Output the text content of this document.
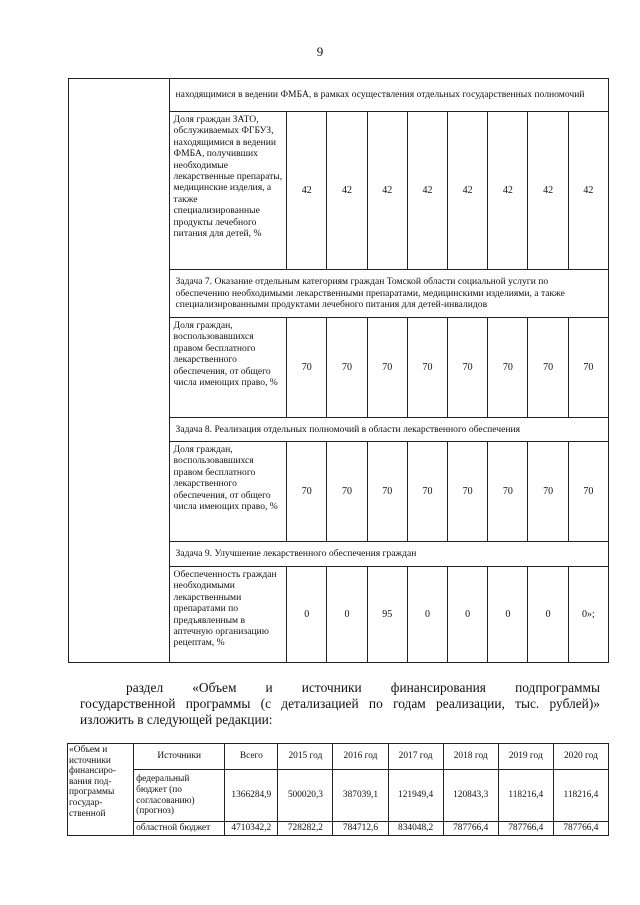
9
	находящимися в ведении ФМБА, в рамках осуществления отдельных государственных полномочий								

	Доля граждан ЗАТО, обслуживаемых ФГБУЗ, находящимися в ведении ФМБА, получивших необходимые лекарственные препараты, медицинские изделия, а также специализированные продукты лечебного питания для детей, %	42	42	42	42	42	42	42	42
	Задача 7. Оказание отдельным категориям граждан Томской области социальной услуги по обеспечению необходимыми лекарственными препаратами, медицинскими изделиями, а также специализированными продуктами лечебного питания для детей-инвалидов								

	Доля граждан, воспользовавшихся правом бесплатного лекарственного обеспечения, от общего числа имеющих право, %	70	70	70	70	70	70	70	70
	Задача 8. Реализация отдельных полномочий в области лекарственного обеспечения								

	Доля граждан, воспользовавшихся правом бесплатного лекарственного обеспечения, от общего числа имеющих право, %	70	70	70	70	70	70	70	70
	Задача 9. Улучшение лекарственного обеспечения граждан								

	Обеспеченность граждан необходимыми лекарственными препаратами по предъявленным в аптечную организацию рецептам, %	0	0	95	0	0	0	0	0»;
раздел «Объем и источники финансирования подпрограммы
государственной программы (с детализацией по годам реализации, тыс. рублей)» изложить в следующей редакции:
«Объем и источники финансиро-вания под-программы государ-ственной	Источники	Всего	2015 год	2016 год	2017 год	2018 год	2019 год	2020 год
	федеральный бюджет (по согласованию) (прогноз)	1366284,9	500020,3	387039,1	121949,4	120843,3	118216,4	118216,4
	областной бюджет	4710342,2	728282,2	784712,6	834048,2	787766,4	787766,4	787766,4
